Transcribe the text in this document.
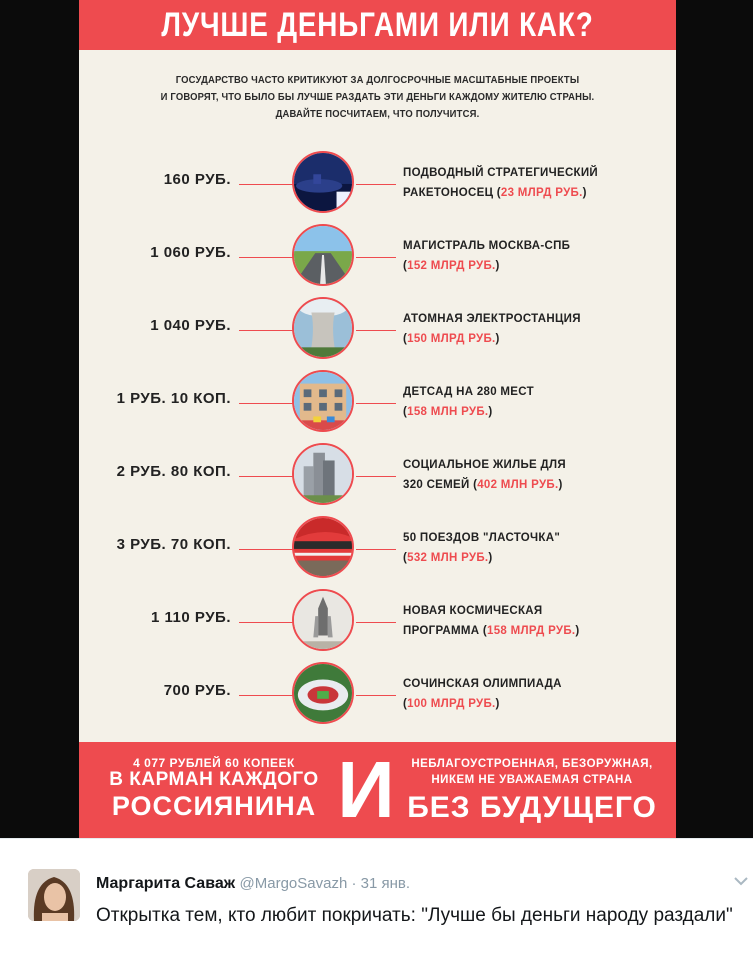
ЛУЧШЕ ДЕНЬГАМИ ИЛИ КАК?
ГОСУДАРСТВО ЧАСТО КРИТИКУЮТ ЗА ДОЛГОСРОЧНЫЕ МАСШТАБНЫЕ ПРОЕКТЫ
И ГОВОРЯТ, ЧТО БЫЛО БЫ ЛУЧШЕ РАЗДАТЬ ЭТИ ДЕНЬГИ КАЖДОМУ ЖИТЕЛЮ СТРАНЫ.
ДАВАЙТЕ ПОСЧИТАЕМ, ЧТО ПОЛУЧИТСЯ.
160 РУБ.	ПОДВОДНЫЙ СТРАТЕГИЧЕСКИЙ
РАКЕТОНОСЕЦ (23 МЛРД РУБ.)
1 060 РУБ.	МАГИСТРАЛЬ МОСКВА-СПБ
(152 МЛРД РУБ.)
1 040 РУБ.	АТОМНАЯ ЭЛЕКТРОСТАНЦИЯ
(150 МЛРД РУБ.)
1 РУБ. 10 КОП.	ДЕТСАД НА 280 МЕСТ
(158 МЛН РУБ.)
2 РУБ. 80 КОП.	СОЦИАЛЬНОЕ ЖИЛЬЕ ДЛЯ
320 СЕМЕЙ (402 МЛН РУБ.)
3 РУБ. 70 КОП.	50 ПОЕЗДОВ "ЛАСТОЧКА"
(532 МЛН РУБ.)
1 110 РУБ.	НОВАЯ КОСМИЧЕСКАЯ
ПРОГРАММА (158 МЛРД РУБ.)
700 РУБ.	СОЧИНСКАЯ ОЛИМПИАДА
(100 МЛРД РУБ.)
4 077 РУБЛЕЙ 60 КОПЕЕК
В КАРМАН КАЖДОГО
РОССИЯНИНА И	НЕБЛАГОУСТРОЕННАЯ, БЕЗОРУЖНАЯ,
НИКЕМ НЕ УВАЖАЕМАЯ СТРАНА
БЕЗ БУДУЩЕГО
Маргарита Саваж @MargoSavazh · 31 янв.
Открытка тем, кто любит покричать: "Лучше бы деньги народу раздали"
